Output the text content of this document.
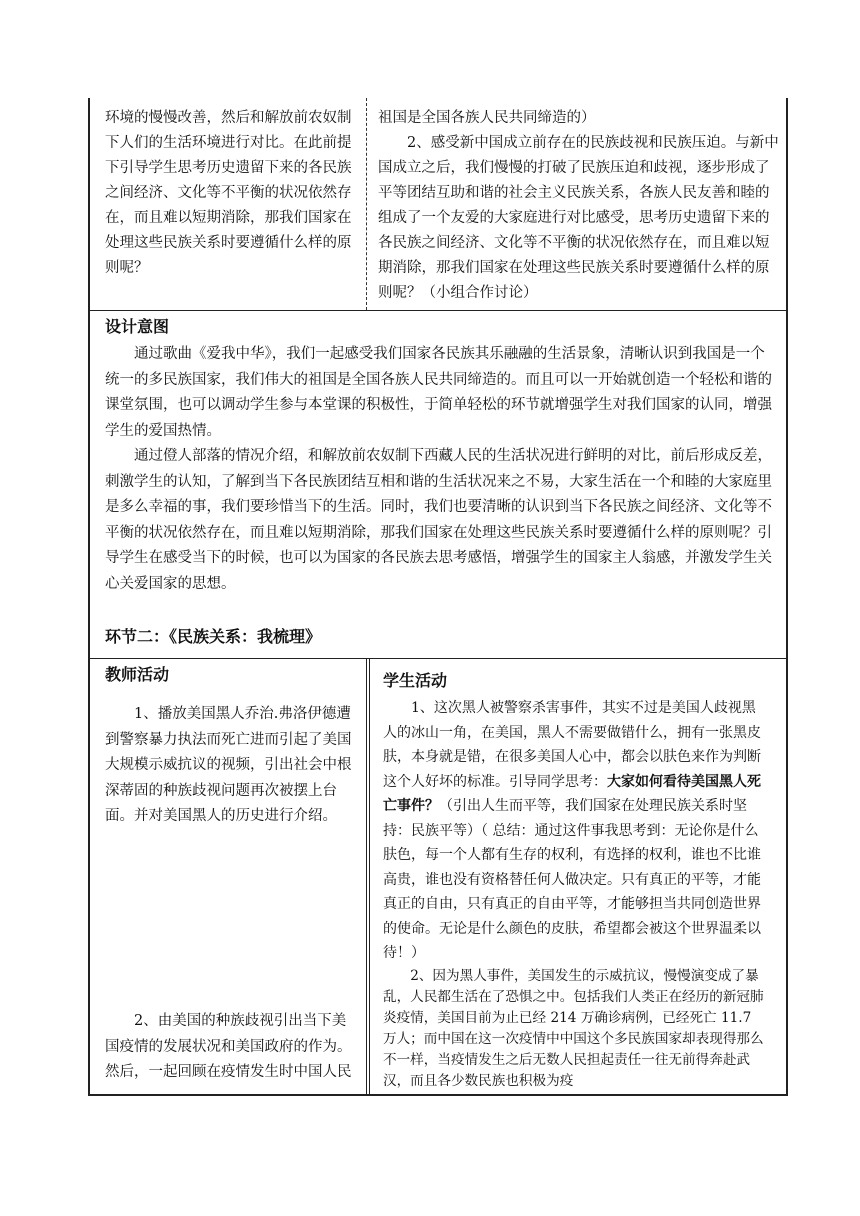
环境的慢慢改善，然后和解放前农奴制下人们的生活环境进行对比。在此前提下引导学生思考历史遗留下来的各民族之间经济、文化等不平衡的状况依然存在，而且难以短期消除，那我们国家在处理这些民族关系时要遵循什么样的原则呢？

祖国是全国各族人民共同缔造的）

2、感受新中国成立前存在的民族歧视和民族压迫。与新中国成立之后，我们慢慢的打破了民族压迫和歧视，逐步形成了平等团结互助和谐的社会主义民族关系，各族人民友善和睦的组成了一个友爱的大家庭进行对比感受，思考历史遗留下来的各民族之间经济、文化等不平衡的状况依然存在，而且难以短期消除，那我们国家在处理这些民族关系时要遵循什么样的原则呢？（小组合作讨论）

设计意图

通过歌曲《爱我中华》，我们一起感受我们国家各民族其乐融融的生活景象，清晰认识到我国是一个统一的多民族国家，我们伟大的祖国是全国各族人民共同缔造的。而且可以一开始就创造一个轻松和谐的课堂氛围，也可以调动学生参与本堂课的积极性，于简单轻松的环节就增强学生对我们国家的认同，增强学生的爱国热情。

通过僜人部落的情况介绍，和解放前农奴制下西藏人民的生活状况进行鲜明的对比，前后形成反差，刺激学生的认知，了解到当下各民族团结互相和谐的生活状况来之不易，大家生活在一个和睦的大家庭里是多么幸福的事，我们要珍惜当下的生活。同时，我们也要清晰的认识到当下各民族之间经济、文化等不平衡的状况依然存在，而且难以短期消除，那我们国家在处理这些民族关系时要遵循什么样的原则呢？引导学生在感受当下的时候，也可以为国家的各民族去思考感悟，增强学生的国家主人翁感，并激发学生关心关爱国家的思想。

环节二：《民族关系：我梳理》
教师活动

1、播放美国黑人乔治.弗洛伊德遭到警察暴力执法而死亡进而引起了美国大规模示威抗议的视频，引出社会中根深蒂固的种族歧视问题再次被摆上台面。并对美国黑人的历史进行介绍。

2、由美国的种族歧视引出当下美国疫情的发展状况和美国政府的作为。然后，一起回顾在疫情发生时中国人民

学生活动

1、这次黑人被警察杀害事件，其实不过是美国人歧视黑人的冰山一角，在美国，黑人不需要做错什么，拥有一张黑皮肤，本身就是错，在很多美国人心中，都会以肤色来作为判断这个人好坏的标准。引导同学思考：大家如何看待美国黑人死亡事件？（引出人生而平等，我们国家在处理民族关系时坚持：民族平等）（ 总结：通过这件事我思考到：无论你是什么肤色，每一个人都有生存的权利，有选择的权利，谁也不比谁高贵，谁也没有资格替任何人做决定。只有真正的平等，才能真正的自由，只有真正的自由平等，才能够担当共同创造世界的使命。无论是什么颜色的皮肤，希望都会被这个世界温柔以待！）

2、因为黑人事件，美国发生的示威抗议，慢慢演变成了暴乱，人民都生活在了恐惧之中。包括我们人类正在经历的新冠肺炎疫情，美国目前为止已经 214 万确诊病例，已经死亡 11.7 万人；而中国在这一次疫情中中国这个多民族国家却表现得那么不一样，当疫情发生之后无数人民担起责任一往无前得奔赴武汉，而且各少数民族也积极为疫
